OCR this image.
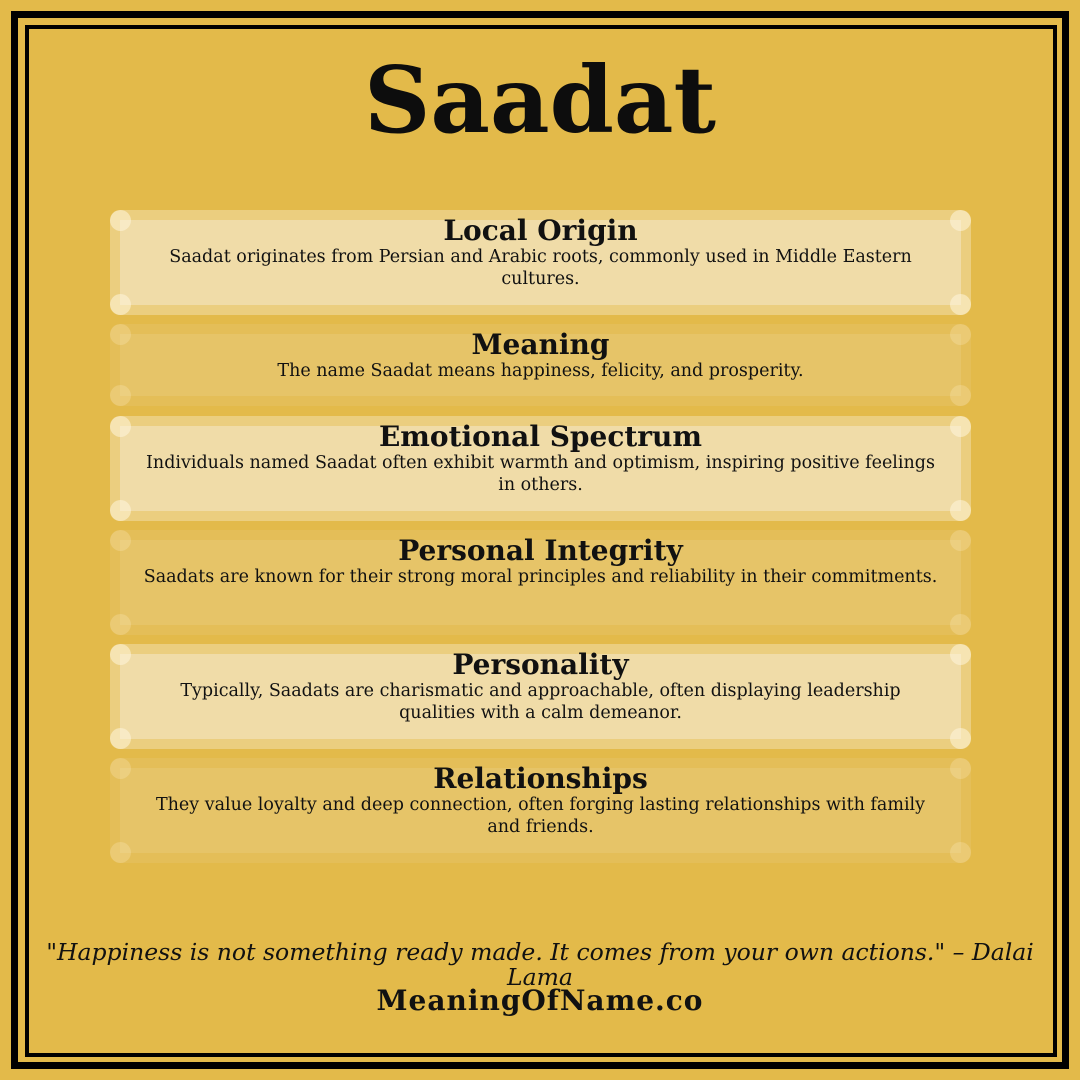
Saadat
Local Origin

Saadat originates from Persian and Arabic roots, commonly used in Middle Eastern cultures.

Meaning

The name Saadat means happiness, felicity, and prosperity.

Emotional Spectrum

Individuals named Saadat often exhibit warmth and optimism, inspiring positive feelings in others.

Personal Integrity

Saadats are known for their strong moral principles and reliability in their commitments.

Personality

Typically, Saadats are charismatic and approachable, often displaying leadership qualities with a calm demeanor.

Relationships

They value loyalty and deep connection, often forging lasting relationships with family and friends.

"Happiness is not something ready made. It comes from your own actions." – Dalai Lama
MeaningOfName.co
